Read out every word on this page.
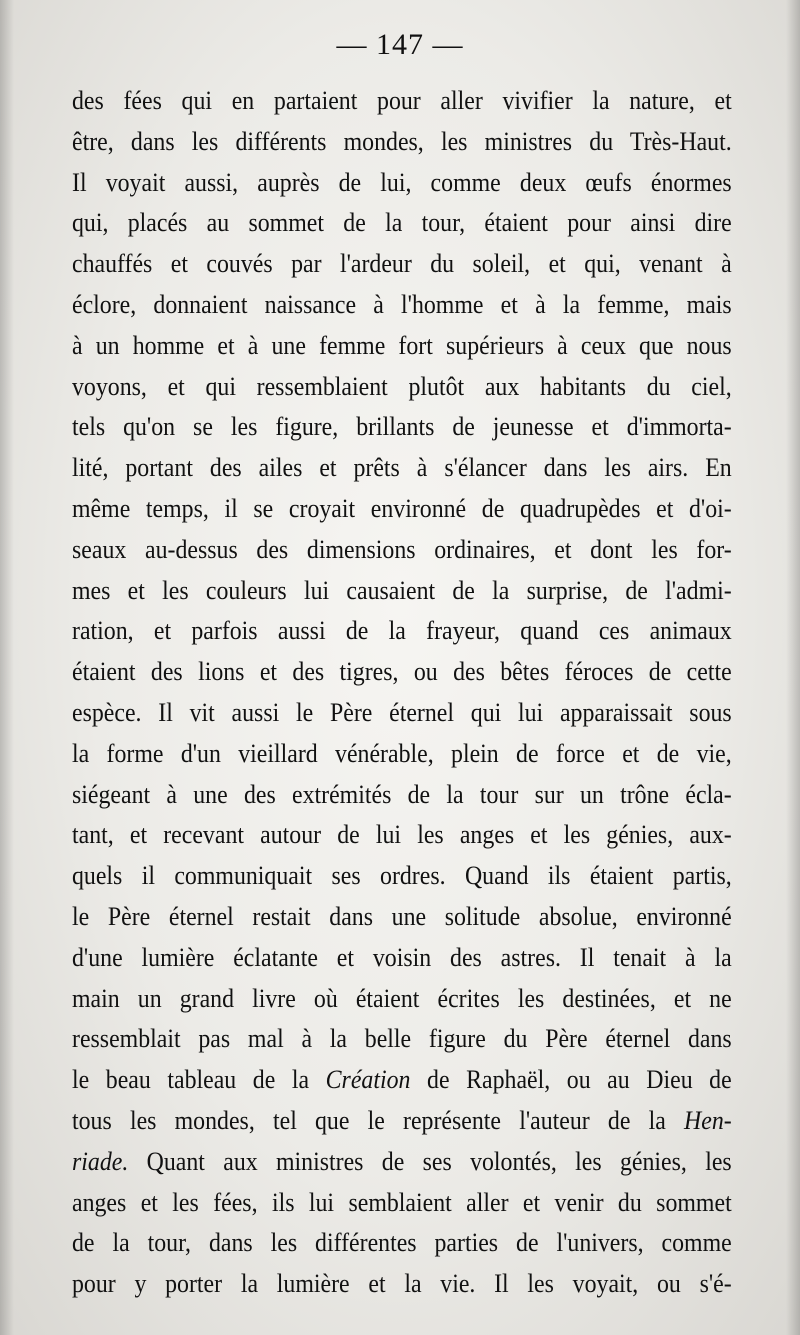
— 147 —
des fées qui en partaient pour aller vivifier la nature, et
être, dans les différents mondes, les ministres du Très-Haut.
Il voyait aussi, auprès de lui, comme deux œufs énormes
qui, placés au sommet de la tour, étaient pour ainsi dire
chauffés et couvés par l'ardeur du soleil, et qui, venant à
éclore, donnaient naissance à l'homme et à la femme, mais
à un homme et à une femme fort supérieurs à ceux que nous
voyons, et qui ressemblaient plutôt aux habitants du ciel,
tels qu'on se les figure, brillants de jeunesse et d'immorta-
lité, portant des ailes et prêts à s'élancer dans les airs. En
même temps, il se croyait environné de quadrupèdes et d'oi-
seaux au-dessus des dimensions ordinaires, et dont les for-
mes et les couleurs lui causaient de la surprise, de l'admi-
ration, et parfois aussi de la frayeur, quand ces animaux
étaient des lions et des tigres, ou des bêtes féroces de cette
espèce. Il vit aussi le Père éternel qui lui apparaissait sous
la forme d'un vieillard vénérable, plein de force et de vie,
siégeant à une des extrémités de la tour sur un trône écla-
tant, et recevant autour de lui les anges et les génies, aux-
quels il communiquait ses ordres. Quand ils étaient partis,
le Père éternel restait dans une solitude absolue, environné
d'une lumière éclatante et voisin des astres. Il tenait à la
main un grand livre où étaient écrites les destinées, et ne
ressemblait pas mal à la belle figure du Père éternel dans
le beau tableau de la Création de Raphaël, ou au Dieu de
tous les mondes, tel que le représente l'auteur de la Hen-
riade. Quant aux ministres de ses volontés, les génies, les
anges et les fées, ils lui semblaient aller et venir du sommet
de la tour, dans les différentes parties de l'univers, comme
pour y porter la lumière et la vie. Il les voyait, ou s'é-
